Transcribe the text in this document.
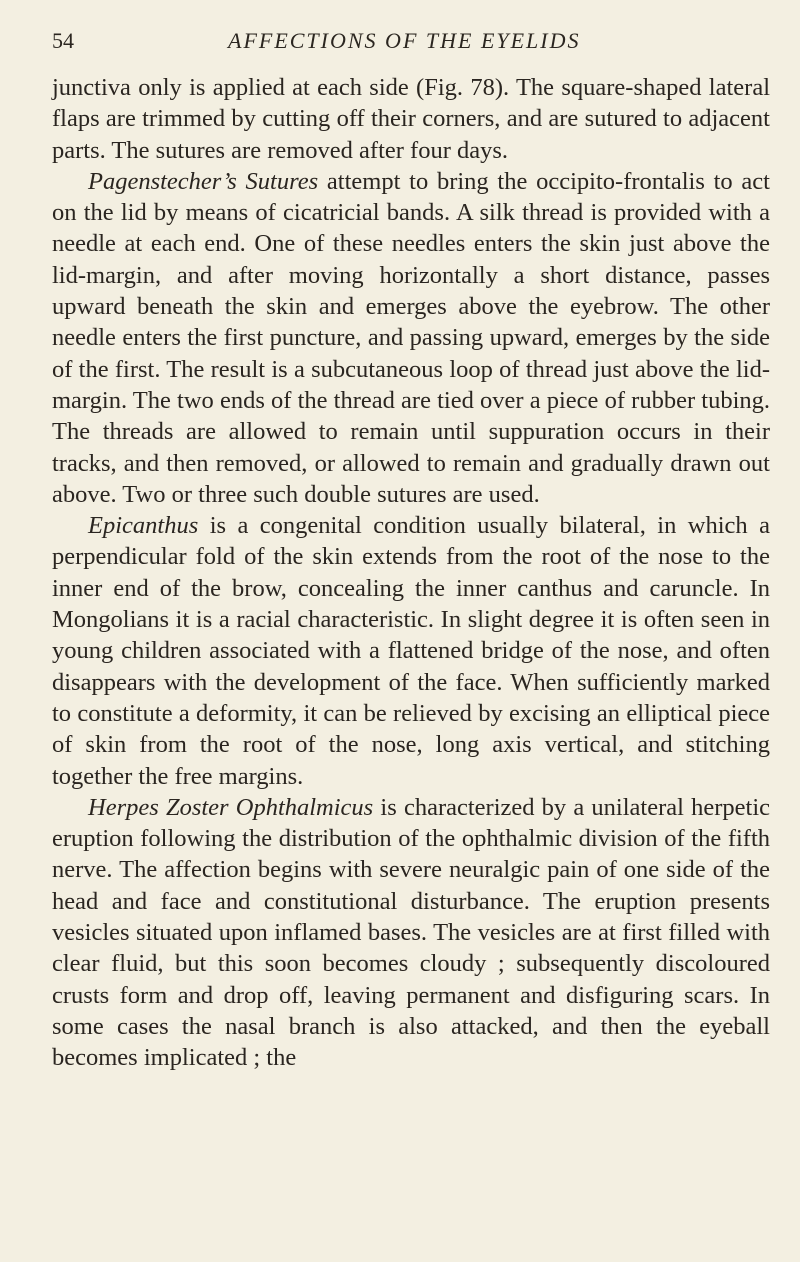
54	AFFECTIONS OF THE EYELIDS

junctiva only is applied at each side (Fig. 78). The square-shaped lateral flaps are trimmed by cutting off their corners, and are sutured to adjacent parts. The sutures are removed after four days.

Pagenstecher’s Sutures attempt to bring the occipito-frontalis to act on the lid by means of cicatricial bands. A silk thread is provided with a needle at each end. One of these needles enters the skin just above the lid-margin, and after moving horizontally a short distance, passes upward beneath the skin and emerges above the eyebrow. The other needle enters the first puncture, and passing upward, emerges by the side of the first. The result is a subcutaneous loop of thread just above the lid-margin. The two ends of the thread are tied over a piece of rubber tubing. The threads are allowed to remain until suppuration occurs in their tracks, and then removed, or allowed to remain and gradually drawn out above. Two or three such double sutures are used.

Epicanthus is a congenital condition usually bilateral, in which a perpendicular fold of the skin extends from the root of the nose to the inner end of the brow, concealing the inner canthus and caruncle. In Mongolians it is a racial characteristic. In slight degree it is often seen in young children associated with a flattened bridge of the nose, and often disappears with the development of the face. When sufficiently marked to constitute a deformity, it can be relieved by excising an elliptical piece of skin from the root of the nose, long axis vertical, and stitching together the free margins.

Herpes Zoster Ophthalmicus is characterized by a unilateral herpetic eruption following the distribution of the ophthalmic division of the fifth nerve. The affection begins with severe neuralgic pain of one side of the head and face and constitutional disturbance. The eruption presents vesicles situated upon inflamed bases. The vesicles are at first filled with clear fluid, but this soon becomes cloudy ; subsequently discoloured crusts form and drop off, leaving permanent and disfiguring scars. In some cases the nasal branch is also attacked, and then the eyeball becomes implicated ; the
